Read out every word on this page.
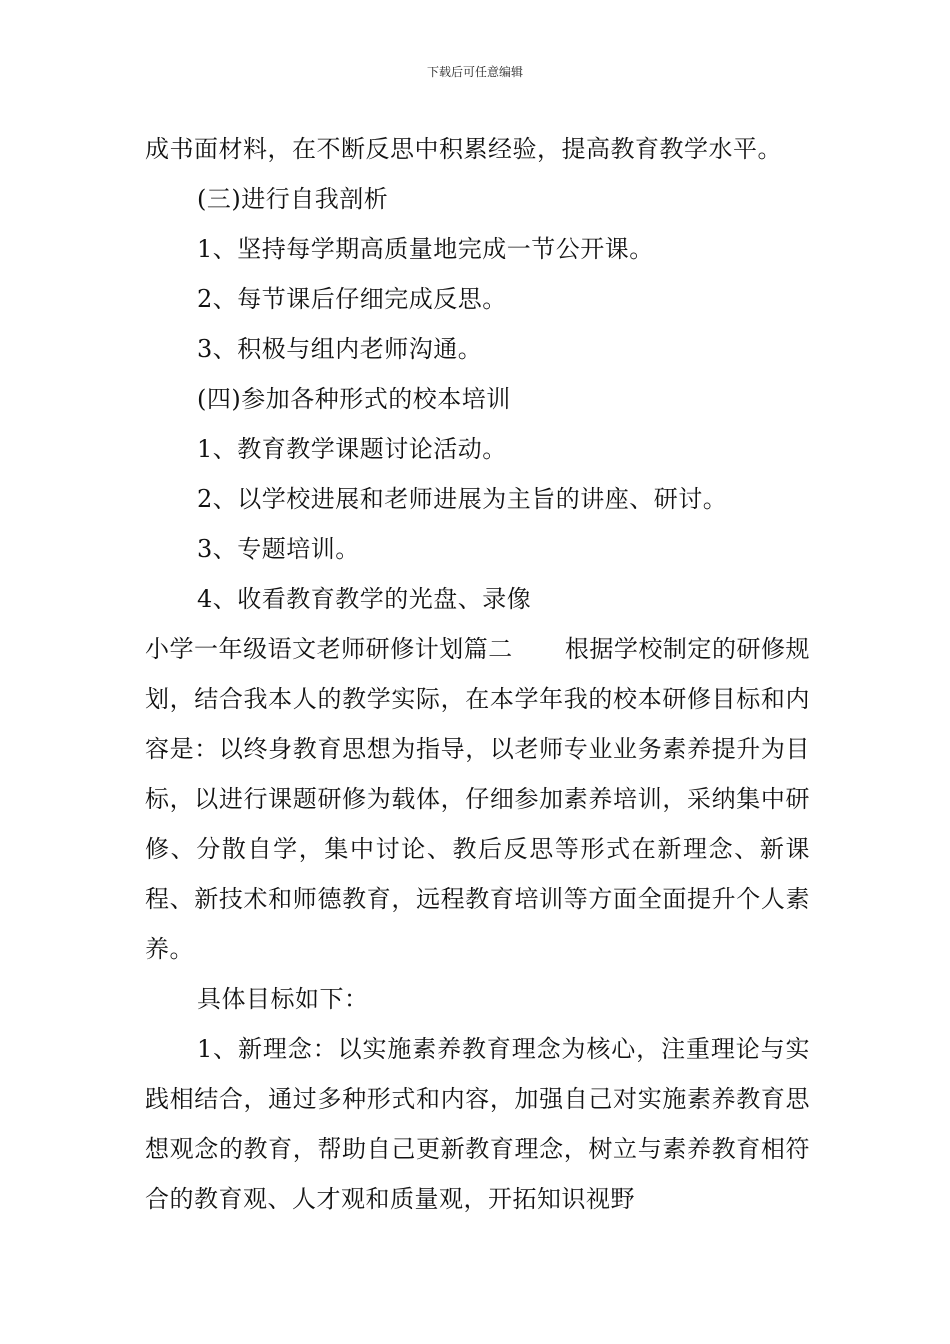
下载后可任意编辑
成书面材料，在不断反思中积累经验，提高教育教学水平。
(三)进行自我剖析
1、坚持每学期高质量地完成一节公开课。
2、每节课后仔细完成反思。
3、积极与组内老师沟通。
(四)参加各种形式的校本培训
1、教育教学课题讨论活动。
2、以学校进展和老师进展为主旨的讲座、研讨。
3、专题培训。
4、收看教育教学的光盘、录像
小学一年级语文老师研修计划篇二 根据学校制定的研修规划，结合我本人的教学实际，在本学年我的校本研修目标和内容是：以终身教育思想为指导，以老师专业业务素养提升为目标，以进行课题研修为载体，仔细参加素养培训，采纳集中研修、分散自学，集中讨论、教后反思等形式在新理念、新课程、新技术和师德教育，远程教育培训等方面全面提升个人素养。
具体目标如下：
1、新理念：以实施素养教育理念为核心，注重理论与实践相结合，通过多种形式和内容，加强自己对实施素养教育思想观念的教育，帮助自己更新教育理念，树立与素养教育相符合的教育观、人才观和质量观，开拓知识视野
